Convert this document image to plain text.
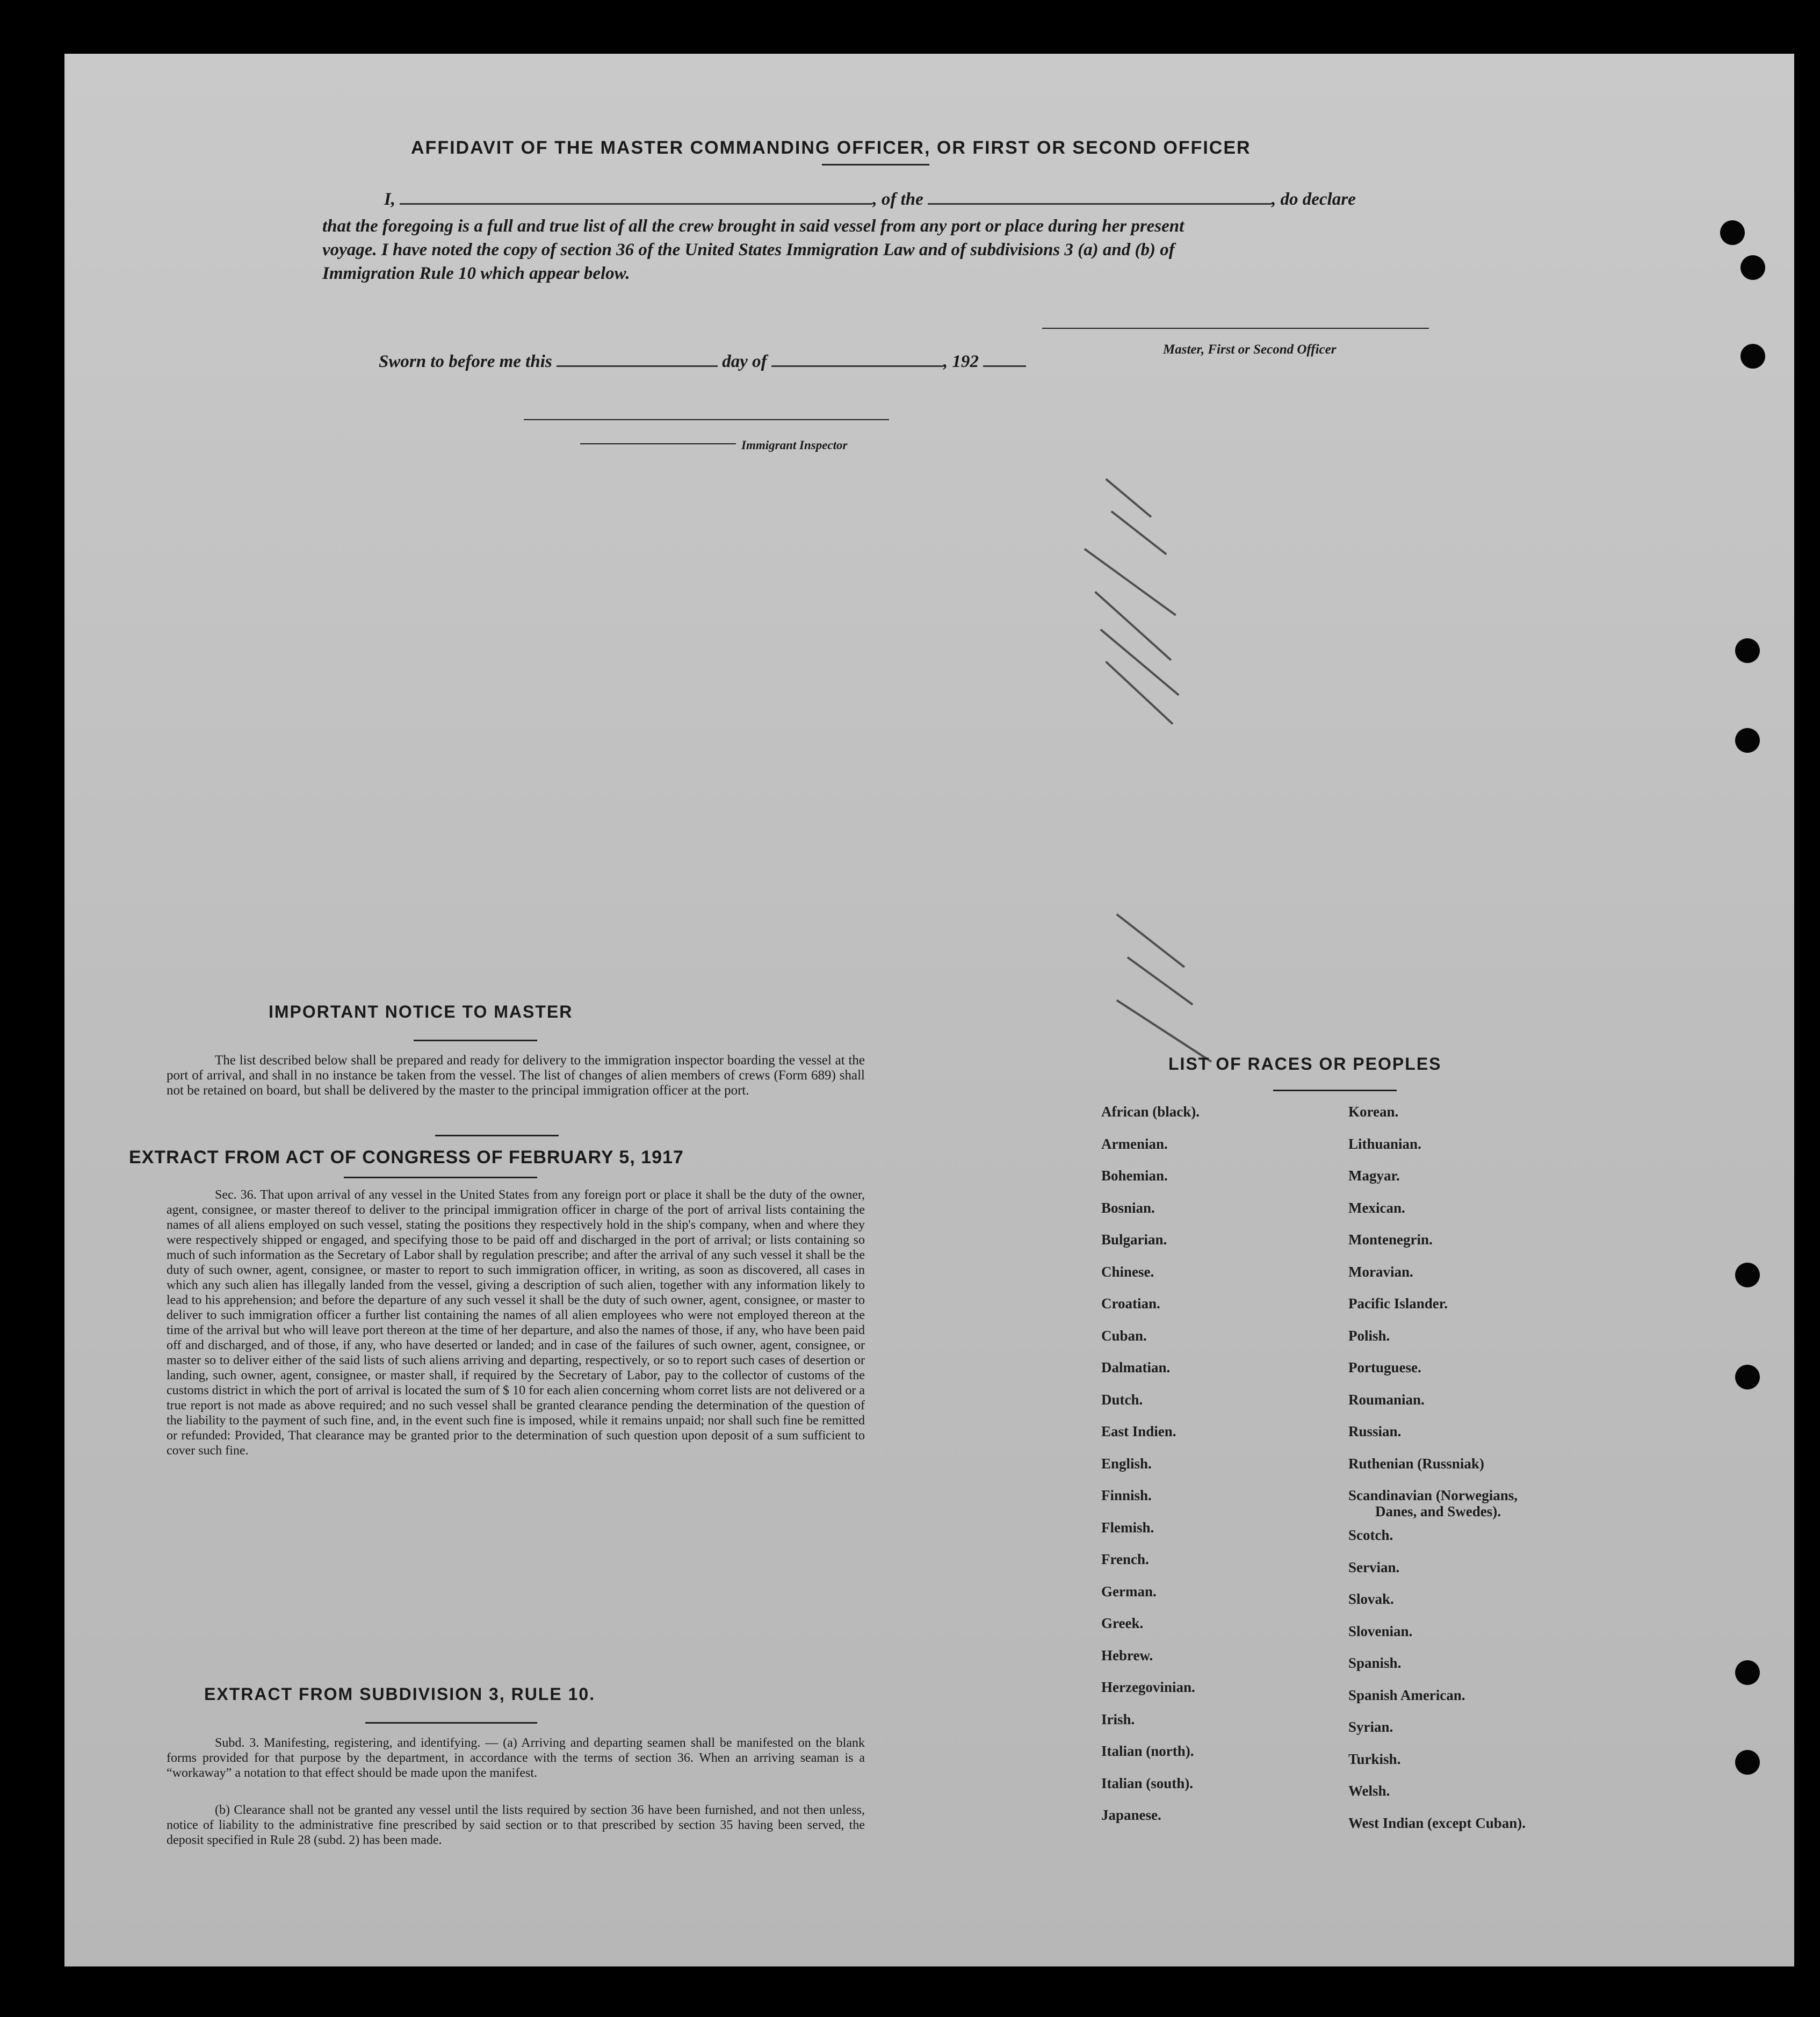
AFFIDAVIT OF THE MASTER COMMANDING OFFICER, OR FIRST OR SECOND OFFICER
I,	, of the	, do declare
that the foregoing is a full and true list of all the crew brought in said vessel from any port or place during her present
voyage. I have noted the copy of section 36 of the United States Immigration Law and of subdivisions 3 (a) and (b) of
Immigration Rule 10 which appear below.
Master, First or Second Officer
Sworn to before me this	day of	, 192
Immigrant Inspector
IMPORTANT NOTICE TO MASTER
The list described below shall be prepared and ready for delivery to the immigration inspector boarding the vessel at the port of arrival, and shall in no instance be taken from the vessel. The list of changes of alien members of crews (Form 689) shall not be retained on board, but shall be delivered by the master to the principal immigration officer at the port.
EXTRACT FROM ACT OF CONGRESS OF FEBRUARY 5, 1917
Sec. 36. That upon arrival of any vessel in the United States from any foreign port or place it shall be the duty of the owner, agent, consignee, or master thereof to deliver to the principal immigration officer in charge of the port of arrival lists containing the names of all aliens employed on such vessel, stating the positions they respectively hold in the ship's company, when and where they were respectively shipped or engaged, and specifying those to be paid off and discharged in the port of arrival; or lists containing so much of such information as the Secretary of Labor shall by regulation prescribe; and after the arrival of any such vessel it shall be the duty of such owner, agent, consignee, or master to report to such immigration officer, in writing, as soon as discovered, all cases in which any such alien has illegally landed from the vessel, giving a description of such alien, together with any information likely to lead to his apprehension; and before the departure of any such vessel it shall be the duty of such owner, agent, consignee, or master to deliver to such immigration officer a further list containing the names of all alien employees who were not employed thereon at the time of the arrival but who will leave port thereon at the time of her departure, and also the names of those, if any, who have been paid off and discharged, and of those, if any, who have deserted or landed; and in case of the failures of such owner, agent, consignee, or master so to deliver either of the said lists of such aliens arriving and departing, respectively, or so to report such cases of desertion or landing, such owner, agent, consignee, or master shall, if required by the Secretary of Labor, pay to the collector of customs of the customs district in which the port of arrival is located the sum of $ 10 for each alien concerning whom corret lists are not delivered or a true report is not made as above required; and no such vessel shall be granted clearance pending the determination of the question of the liability to the payment of such fine, and, in the event such fine is imposed, while it remains unpaid; nor shall such fine be remitted or refunded: Provided, That clearance may be granted prior to the determination of such question upon deposit of a sum sufficient to cover such fine.
EXTRACT FROM SUBDIVISION 3, RULE 10.
Subd. 3. Manifesting, registering, and identifying. — (a) Arriving and departing seamen shall be manifested on the blank forms provided for that purpose by the department, in accordance with the terms of section 36. When an arriving seaman is a “workaway” a notation to that effect should be made upon the manifest.
(b) Clearance shall not be granted any vessel until the lists required by section 36 have been furnished, and not then unless, notice of liability to the administrative fine prescribed by said section or to that prescribed by section 35 having been served, the deposit specified in Rule 28 (subd. 2) has been made.
LIST OF RACES OR PEOPLES
African (black).
Armenian.
Bohemian.
Bosnian.
Bulgarian.
Chinese.
Croatian.
Cuban.
Dalmatian.
Dutch.
East Indien.
English.
Finnish.
Flemish.
French.
German.
Greek.
Hebrew.
Herzegovinian.
Irish.
Italian (north).
Italian (south).
Japanese.
Korean.
Lithuanian.
Magyar.
Mexican.
Montenegrin.
Moravian.
Pacific Islander.
Polish.
Portuguese.
Roumanian.
Russian.
Ruthenian (Russniak)
Scandinavian (Norwegians,
Danes, and Swedes).
Scotch.
Servian.
Slovak.
Slovenian.
Spanish.
Spanish American.
Syrian.
Turkish.
Welsh.
West Indian (except Cuban).
